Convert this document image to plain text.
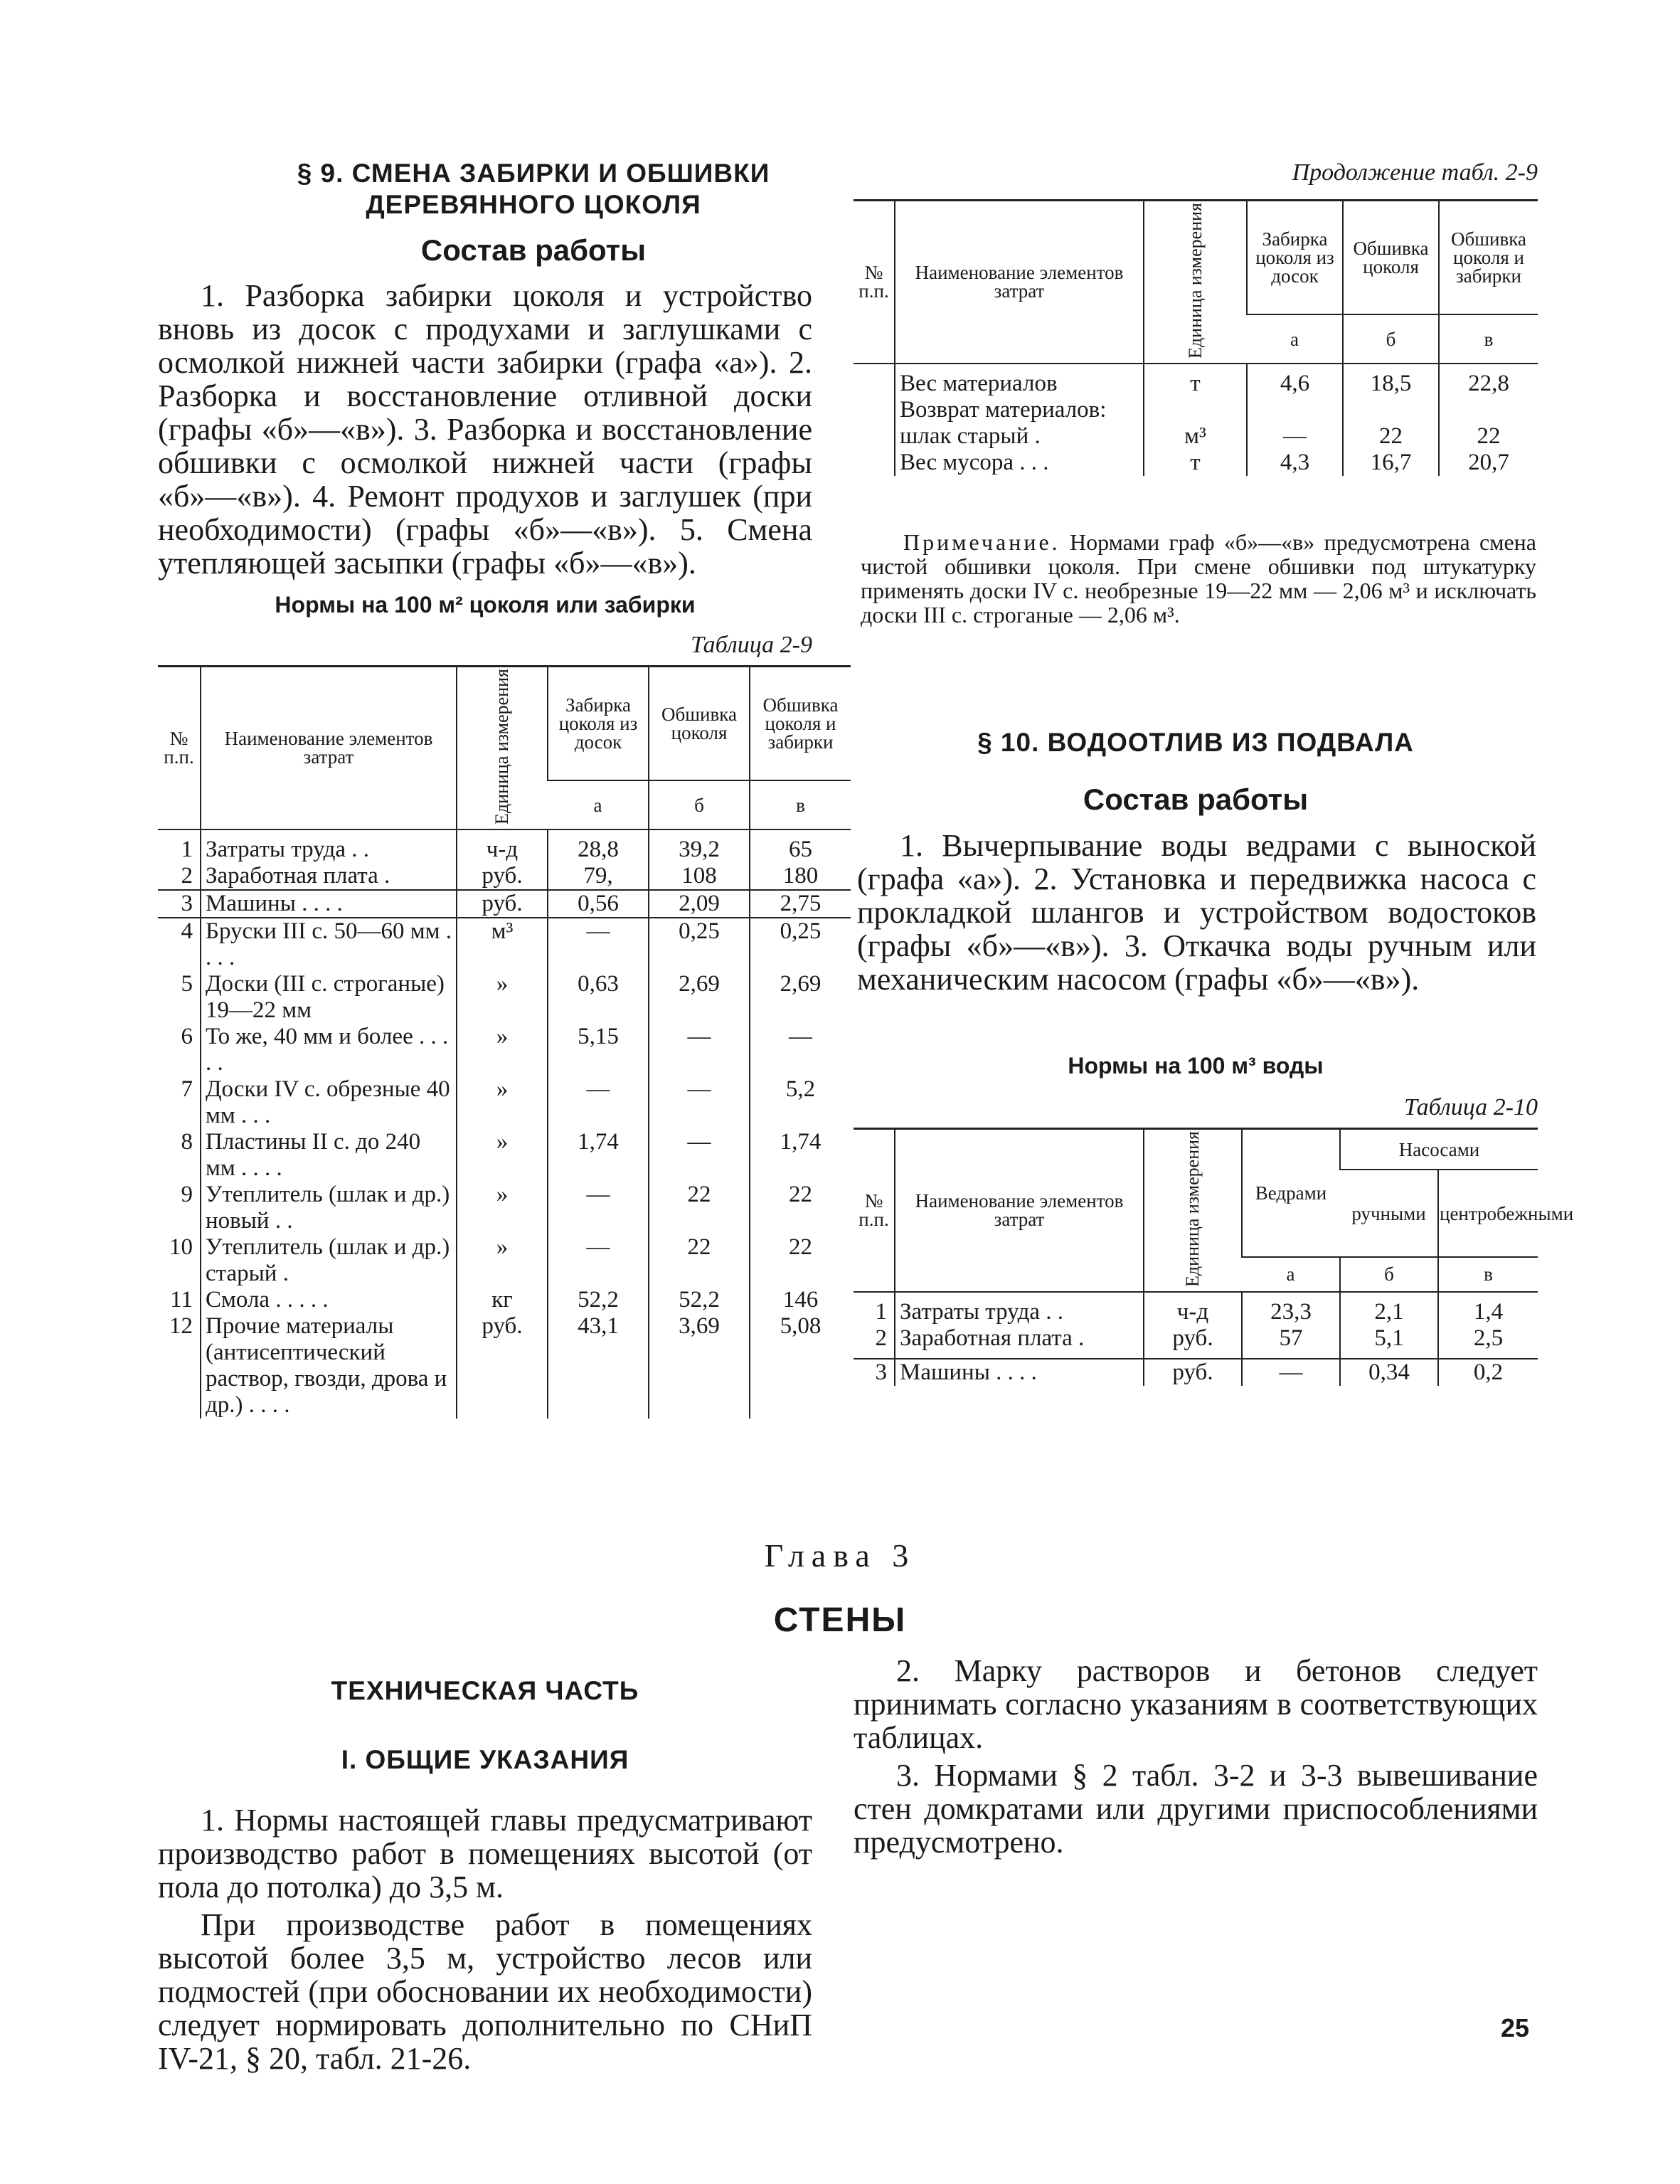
§ 9. СМЕНА ЗАБИРКИ И ОБШИВКИ
ДЕРЕВЯННОГО ЦОКОЛЯ
Состав работы

1. Разборка забирки цоколя и устройство вновь из досок с продухами и заглушками с осмолкой нижней части забирки (графа «а»). 2. Разборка и восстановление отливной доски (графы «б»—«в»). 3. Разборка и восстановление обшивки с осмолкой нижней части (графы «б»—«в»). 4. Ремонт продухов и заглушек (при необходимости) (графы «б»—«в»). 5. Смена утепляющей засыпки (графы «б»—«в»).

Нормы на 100 м² цоколя или забирки
Таблица 2-9
№ п.п.	Наименование элементов затрат	Единица измерения	Забирка цоколя из досок	Обшивка цоколя	Обшивка цоколя и забирки
			а	б	в

1	Затраты труда . .	ч-д	28,8	39,2	65
2	Заработная плата .	руб.	79,	108	180
3	Машины . . . .	руб.	0,56	2,09	2,75
4	Бруски III с. 50—60 мм . . . .	м³	—	0,25	0,25
5	Доски (III с. строганые) 19—22 мм	»	0,63	2,69	2,69
6	То же, 40 мм и более . . . . .	»	5,15	—	—
7	Доски IV с. обрезные 40 мм . . .	»	—	—	5,2
8	Пластины II с. до 240 мм . . . .	»	1,74	—	1,74
9	Утеплитель (шлак и др.) новый . .	»	—	22	22
10	Утеплитель (шлак и др.) старый .	»	—	22	22
11	Смола . . . . .	кг	52,2	52,2	146
12	Прочие материалы (антисептический раствор, гвозди, дрова и др.) . . . .	руб.	43,1	3,69	5,08
Продолжение табл. 2-9
№ п.п.	Наименование элементов затрат	Единица измерения	Забирка цоколя из досок	Обшивка цоколя	Обшивка цоколя и забирки
			а	б	в

	Вес материалов	т	4,6	18,5	22,8
	Возврат материалов:				
	шлак старый .	м³	—	22	22
	Вес мусора . . .	т	4,3	16,7	20,7
Примечание. Нормами граф «б»—«в» предусмотрена смена чистой обшивки цоколя. При смене обшивки под штукатурку применять доски IV с. необрезные 19—22 мм — 2,06 м³ и исключать доски III с. строганые — 2,06 м³.
§ 10. ВОДООТЛИВ ИЗ ПОДВАЛА
Состав работы

1. Вычерпывание воды ведрами с выноской (графа «а»). 2. Установка и передвижка насоса с прокладкой шлангов и устройством водостоков (графы «б»—«в»). 3. Откачка воды ручным или механическим насосом (графы «б»—«в»).

Нормы на 100 м³ воды
Таблица 2-10
№ п.п.	Наименование элементов затрат	Единица измерения	Ведрами	Насосами	
				ручными	центробежными
			а	б	в

1	Затраты труда . .	ч-д	23,3	2,1	1,4
2	Заработная плата .	руб.	57	5,1	2,5

3	Машины . . . .	руб.	—	0,34	0,2
Глава 3
СТЕНЫ
ТЕХНИЧЕСКАЯ ЧАСТЬ
I. ОБЩИЕ УКАЗАНИЯ

1. Нормы настоящей главы предусматривают производство работ в помещениях высотой (от пола до потолка) до 3,5 м.

При производстве работ в помещениях высотой более 3,5 м, устройство лесов или подмостей (при обосновании их необходимости) следует нормировать дополнительно по СНиП IV-21, § 20, табл. 21-26.

2. Марку растворов и бетонов следует принимать согласно указаниям в соответствующих таблицах.

3. Нормами § 2 табл. 3-2 и 3-3 вывешивание стен домкратами или другими приспособлениями предусмотрено.

25
